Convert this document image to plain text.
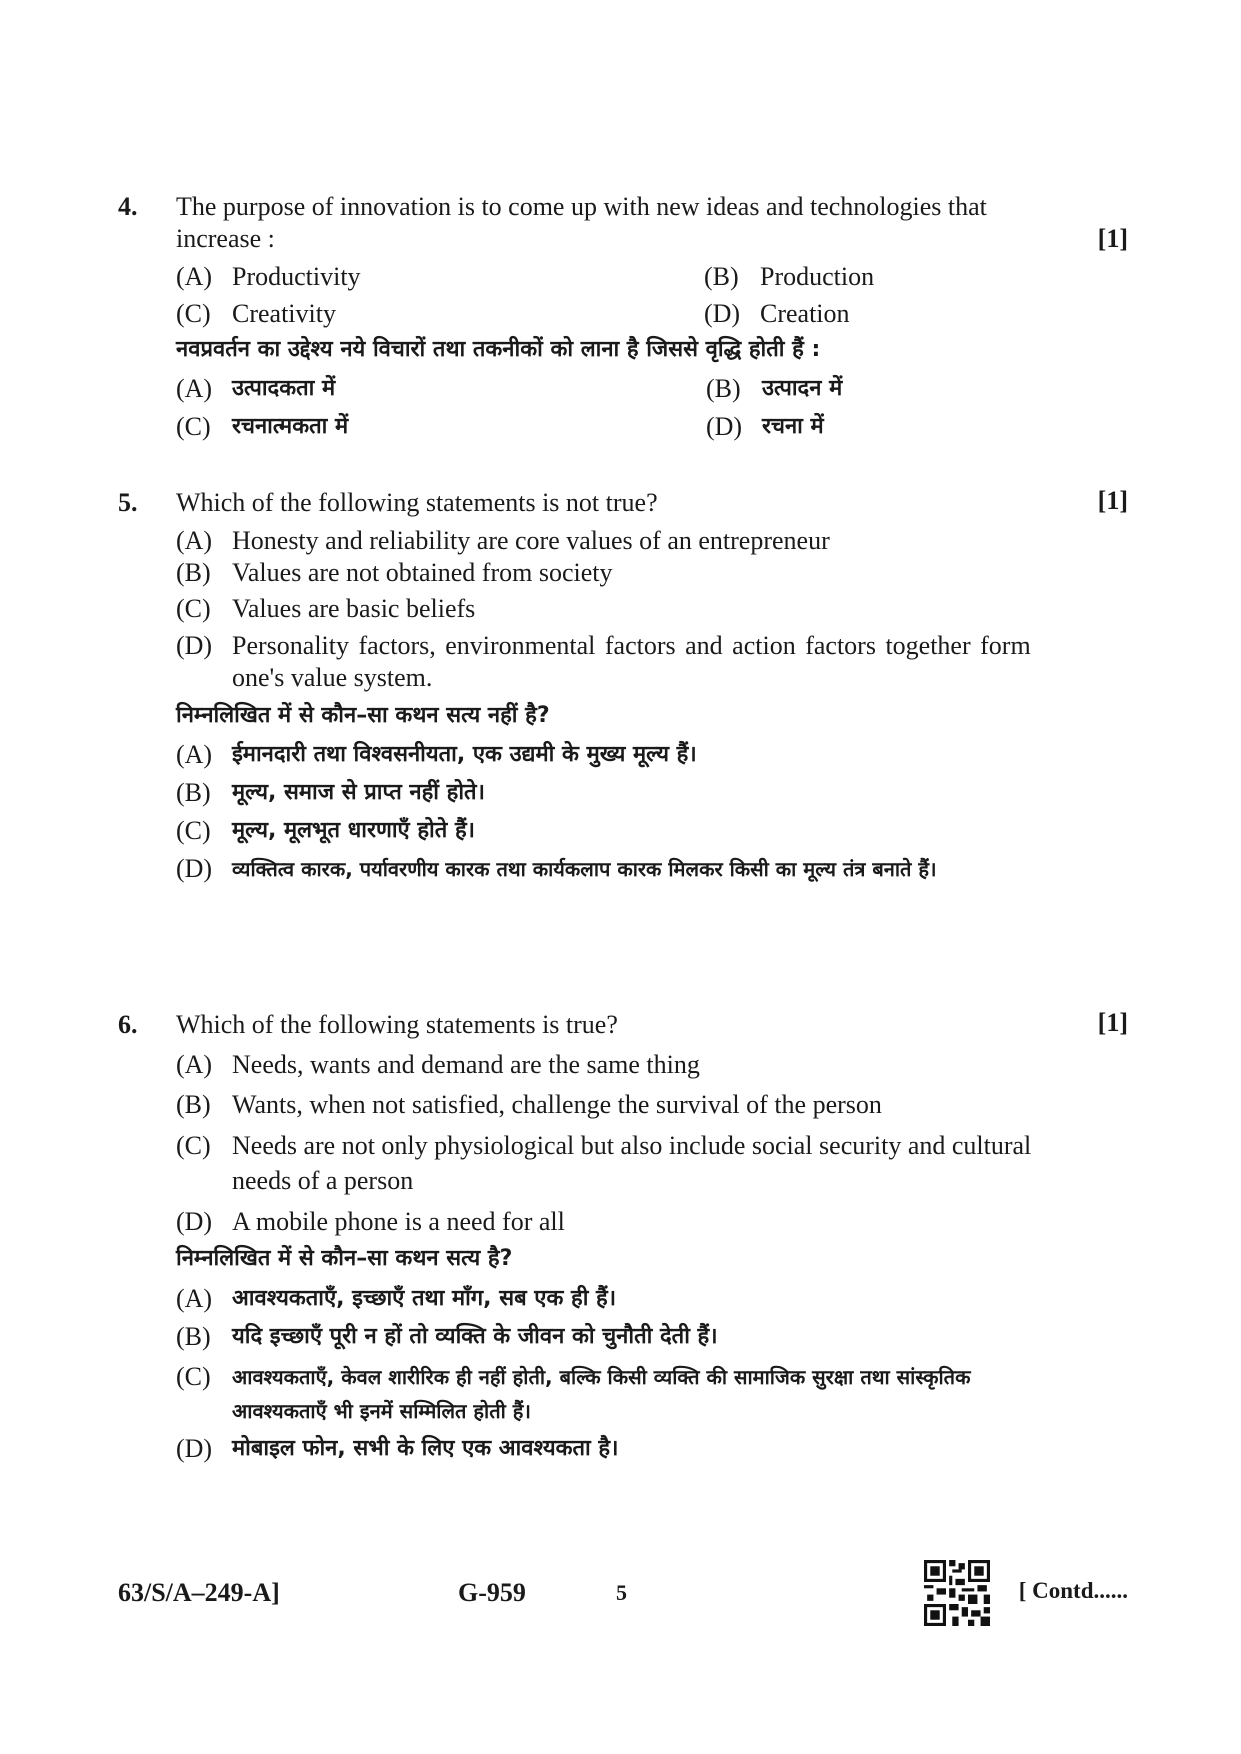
4. The purpose of innovation is to come up with new ideas and technologies that
increase :	[1]
(A) Productivity	(B) Production
(C) Creativity	(D) Creation
नवप्रवर्तन का उद्देश्य नये विचारों तथा तकनीकों को लाना है जिससे वृद्धि होती हैं :
(A) उत्पादकता में	(B) उत्पादन में
(C) रचनात्मकता में	(D) रचना में
5. Which of the following statements is not true?	[1]
(A) Honesty and reliability are core values of an entrepreneur
(B) Values are not obtained from society
(C) Values are basic beliefs
(D) Personality factors, environmental factors and action factors together form
one's value system.
निम्नलिखित में से कौन–सा कथन सत्य नहीं है?
(A) ईमानदारी तथा विश्वसनीयता, एक उद्यमी के मुख्य मूल्य हैं।
(B) मूल्य, समाज से प्राप्त नहीं होते।
(C) मूल्य, मूलभूत धारणाएँ होते हैं।
(D) व्यक्तित्व कारक, पर्यावरणीय कारक तथा कार्यकलाप कारक मिलकर किसी का मूल्य तंत्र बनाते हैं।
6. Which of the following statements is true?	[1]
(A) Needs, wants and demand are the same thing
(B) Wants, when not satisfied, challenge the survival of the person
(C) Needs are not only physiological but also include social security and cultural
needs of a person
(D) A mobile phone is a need for all
निम्नलिखित में से कौन–सा कथन सत्य है?
(A) आवश्यकताएँ, इच्छाएँ तथा माँग, सब एक ही हैं।
(B) यदि इच्छाएँ पूरी न हों तो व्यक्ति के जीवन को चुनौती देती हैं।
(C) आवश्यकताएँ, केवल शारीरिक ही नहीं होती, बल्कि किसी व्यक्ति की सामाजिक सुरक्षा तथा सांस्कृतिक
आवश्यकताएँ भी इनमें सम्मिलित होती हैं।
(D) मोबाइल फोन, सभी के लिए एक आवश्यकता है।
63/S/A–249-A]	G-959	5	[ Contd......
